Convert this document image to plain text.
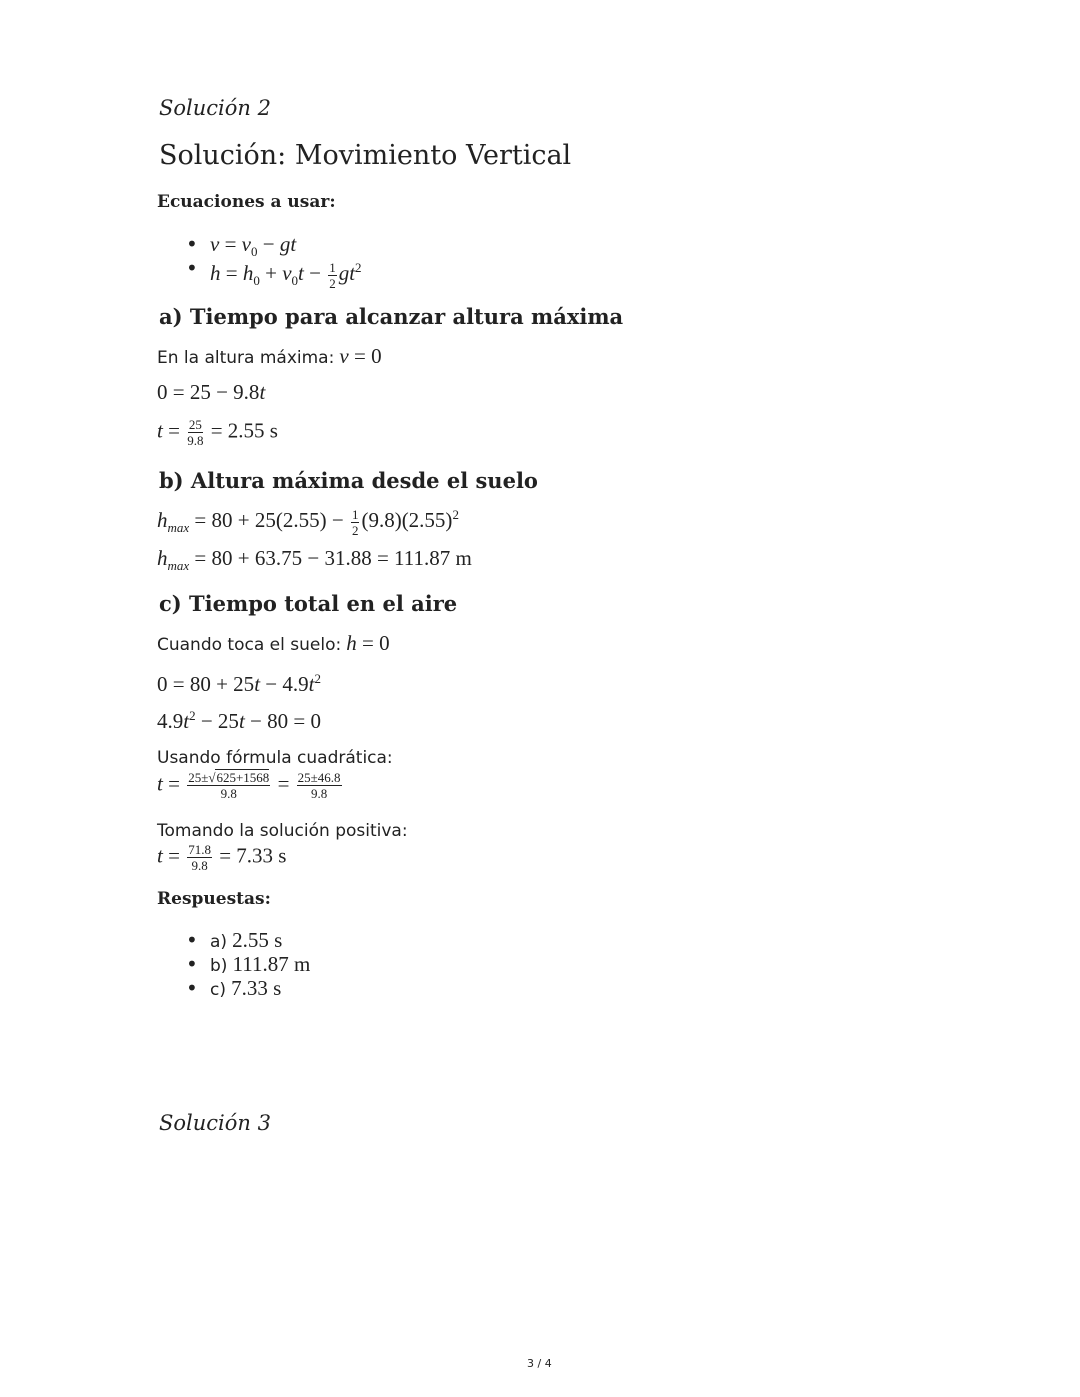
Solución 2
Solución: Movimiento Vertical
Ecuaciones a usar:
• $v = v_0$ − gt
• $h = h_0 + v_0t - \frac{1}{2} gt^2$
a) Tiempo para alcanzar altura máxima
En la altura máxima: v = 0
0 = 25 − 9.8t
$t = \frac{25}{9.8} = 2.55$ s
b) Altura máxima desde el suelo
$h_{max} = 80 + 25(2.55) - \frac{1}{2} (9.8)(2.55)^2$
$h_{max} = 80 + 63.75 - 31.88 = 111.87$ m
c) Tiempo total en el aire
Cuando toca el suelo: h = 0
$0 = 80 + 25t - 4.9t^2$
$4.9t^2 - 25t - 80 = 0$
Usando fórmula cuadrática:
$t = \frac{25\pm√625+1568}{9.8} = \frac{25\pm 46.8}{9.8}$
Tomando la solución positiva:
$t = \frac{71.8}{9.8} = 7.33$ s
Respuestas:
• a) 2.55 s
• b) 111.87 m
• c) 7.33 s
Solución 3
3 / 4
